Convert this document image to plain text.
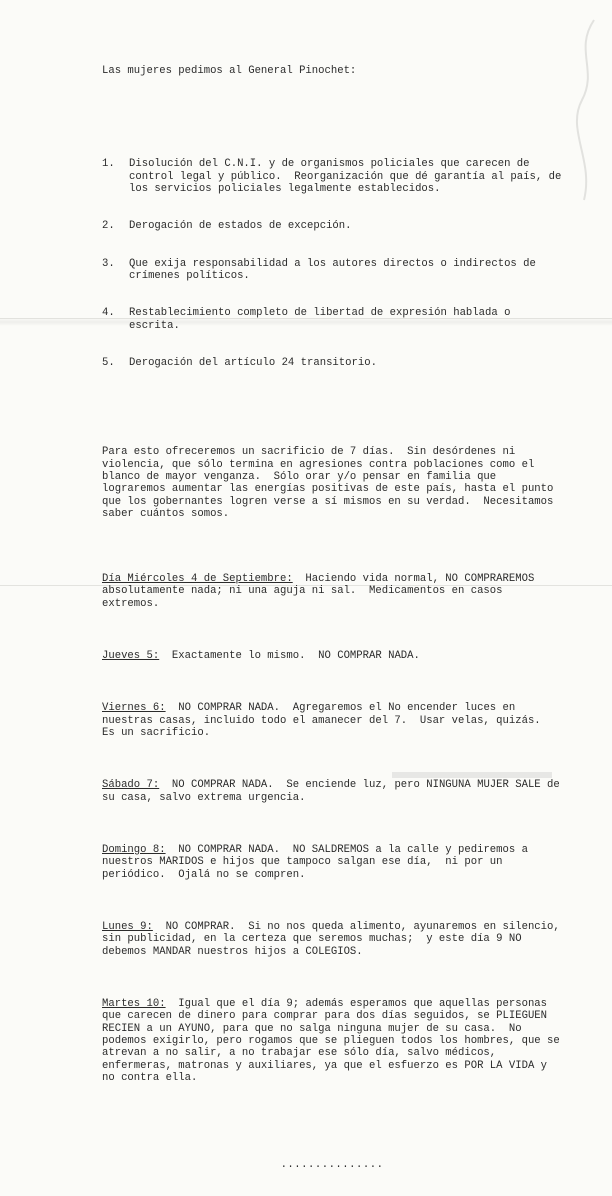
Las mujeres pedimos al General Pinochet:

1.	Disolución del C.N.I. y de organismos policiales que carecen de control legal y público.  Reorganización que dé garantía al país, de los servicios policiales legalmente establecidos.

2.	Derogación de estados de excepción.

3.	Que exija responsabilidad a los autores directos o indirectos de crímenes políticos.

4.	Restablecimiento completo de libertad de expresión hablada o escrita.

5.	Derogación del artículo 24 transitorio.

Para esto ofreceremos un sacrificio de 7 días.  Sin desórdenes ni violencia, que sólo termina en agresiones contra poblaciones como el blanco de mayor venganza.  Sólo orar y/o pensar en familia que lograremos aumentar las energías positivas de este país, hasta el punto que los gobernantes logren verse a sí mismos en su verdad.  Necesitamos saber cuántos somos.

Día Miércoles 4 de Septiembre:  Haciendo vida normal, NO COMPRAREMOS absolutamente nada; ni una aguja ni sal.  Medicamentos en casos extremos.

Jueves 5:  Exactamente lo mismo.  NO COMPRAR NADA.

Viernes 6:  NO COMPRAR NADA.  Agregaremos el No encender luces en nuestras casas, incluido todo el amanecer del 7.  Usar velas, quizás.  Es un sacrificio.

Sábado 7:  NO COMPRAR NADA.  Se enciende luz, pero NINGUNA MUJER SALE de su casa, salvo extrema urgencia.

Domingo 8:  NO COMPRAR NADA.  NO SALDREMOS a la calle y pediremos a nuestros MARIDOS e hijos que tampoco salgan ese día,  ni por un periódico.  Ojalá no se compren.

Lunes 9:  NO COMPRAR.  Si no nos queda alimento, ayunaremos en silencio, sin publicidad, en la certeza que seremos muchas;  y este día 9 NO debemos MANDAR nuestros hijos a COLEGIOS.

Martes 10:  Igual que el día 9; además esperamos que aquellas personas que carecen de dinero para comprar para dos días seguidos, se PLIEGUEN RECIEN a un AYUNO, para que no salga ninguna mujer de su casa.  No podemos exigirlo, pero rogamos que se plieguen todos los hombres, que se atrevan a no salir, a no trabajar ese sólo día, salvo médicos, enfermeras, matronas y auxiliares, ya que el esfuerzo es POR LA VIDA y no contra ella.

...............
